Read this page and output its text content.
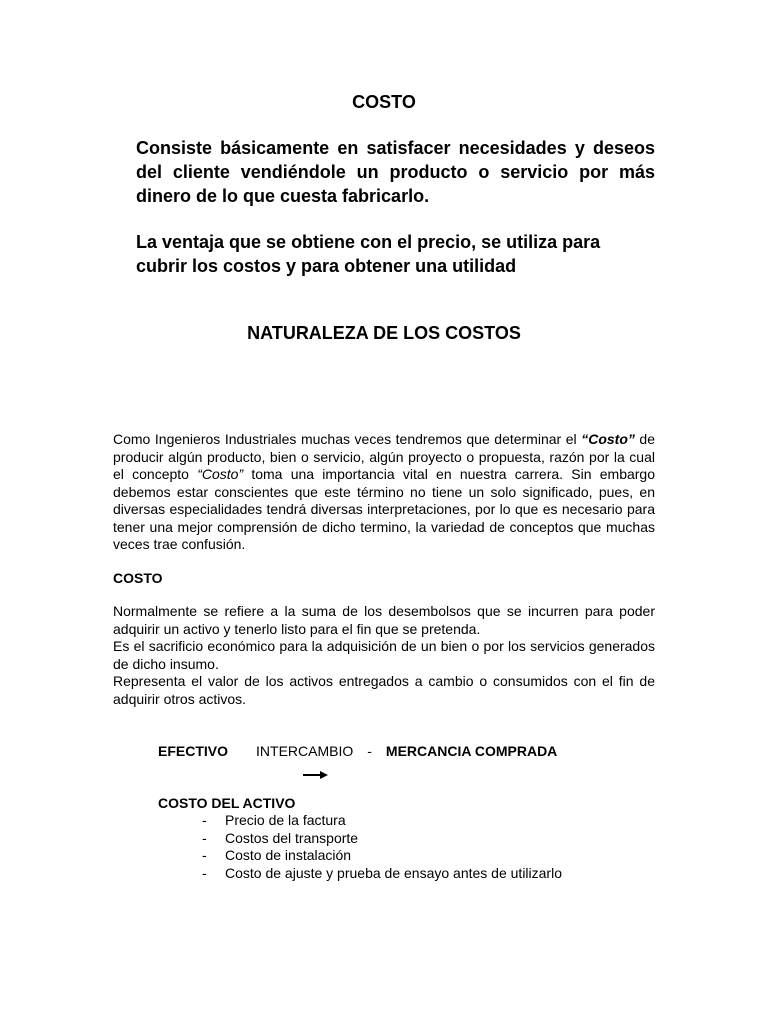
COSTO
Consiste básicamente en satisfacer necesidades y deseos del cliente vendiéndole un producto o servicio por más dinero de lo que cuesta fabricarlo.
La ventaja que se obtiene con el precio, se utiliza para cubrir los costos y para obtener una utilidad
NATURALEZA DE LOS COSTOS
Como Ingenieros Industriales muchas veces tendremos que determinar el “Costo” de producir algún producto, bien o servicio, algún proyecto o propuesta, razón por la cual el concepto “Costo” toma una importancia vital en nuestra carrera. Sin embargo debemos estar conscientes que este término no tiene un solo significado, pues, en diversas especialidades tendrá diversas interpretaciones, por lo que es necesario para tener una mejor comprensión de dicho termino, la variedad de conceptos que muchas veces trae confusión.
COSTO
Normalmente se refiere a la suma de los desembolsos que se incurren para poder adquirir un activo y tenerlo listo para el fin que se pretenda.
Es el sacrificio económico para la adquisición de un bien o por los servicios generados de dicho insumo.
Representa el valor de los activos entregados a cambio o consumidos con el fin de adquirir otros activos.
EFECTIVO INTERCAMBIO - MERCANCIA COMPRADA
COSTO DEL ACTIVO
- Precio de la factura
- Costos del transporte
- Costo de instalación
- Costo de ajuste y prueba de ensayo antes de utilizarlo
